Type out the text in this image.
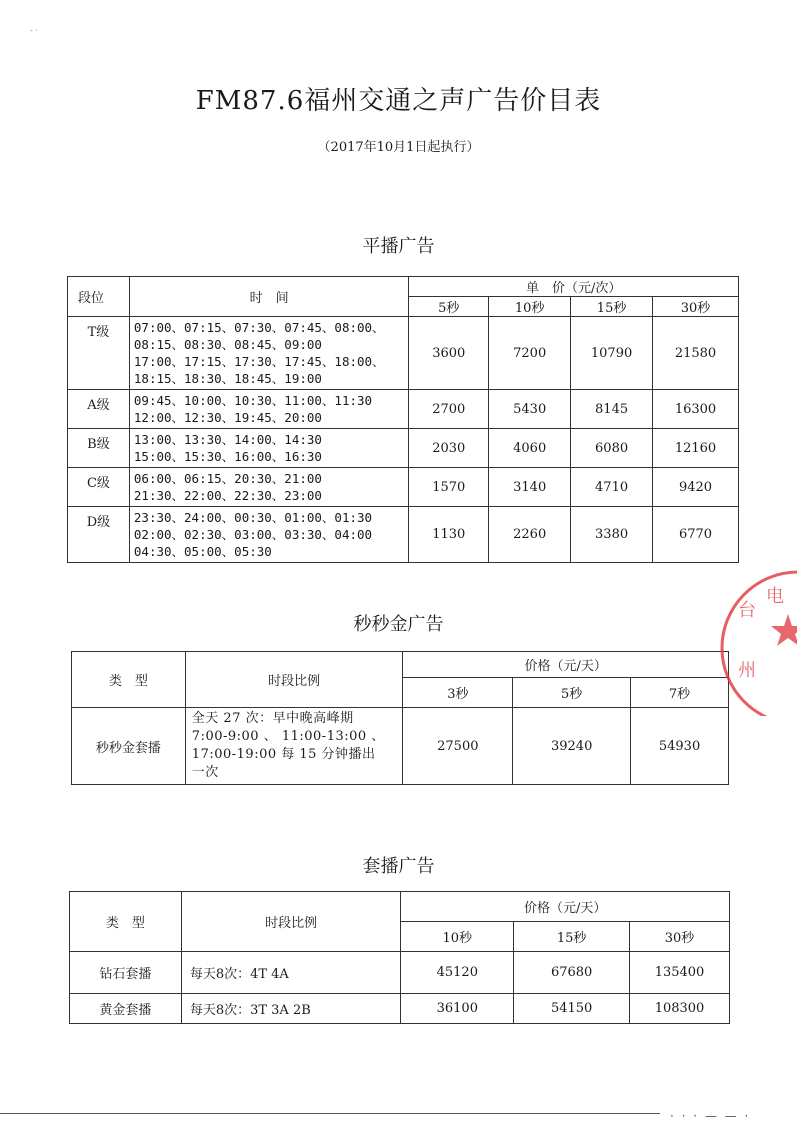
- ·
FM87.6福州交通之声广告价目表
（2017年10月1日起执行）
平播广告
段位	时　间	单　价（元/次）			
		5秒	10秒	15秒	30秒
T级	07:00、07:15、07:30、07:45、08:00、
08:15、08:30、08:45、09:00
17:00、17:15、17:30、17:45、18:00、
18:15、18:30、18:45、19:00	3600	7200	10790	21580
A级	09:45、10:00、10:30、11:00、11:30
12:00、12:30、19:45、20:00	2700	5430	8145	16300
B级	13:00、13:30、14:00、14:30
15:00、15:30、16:00、16:30	2030	4060	6080	12160
C级	06:00、06:15、20:30、21:00
21:30、22:00、22:30、23:00	1570	3140	4710	9420
D级	23:30、24:00、00:30、01:00、01:30
02:00、02:30、03:00、03:30、04:00
04:30、05:00、05:30	1130	2260	3380	6770
秒秒金广告
类　型	时段比例	价格（元/天）		
		3秒	5秒	7秒
秒秒金套播	全天 27 次：早中晚高峰期
7:00-9:00 、 11:00-13:00 、
17:00-19:00 每 15 分钟播出
一次	27500	39240	54930
套播广告
类　型	时段比例	价格（元/天）		
		10秒	15秒	30秒
钻石套播	每天8次：4T 4A	45120	67680	135400
黄金套播	每天8次：3T 3A 2B	36100	54150	108300
电
台
州
· · · — — ·
